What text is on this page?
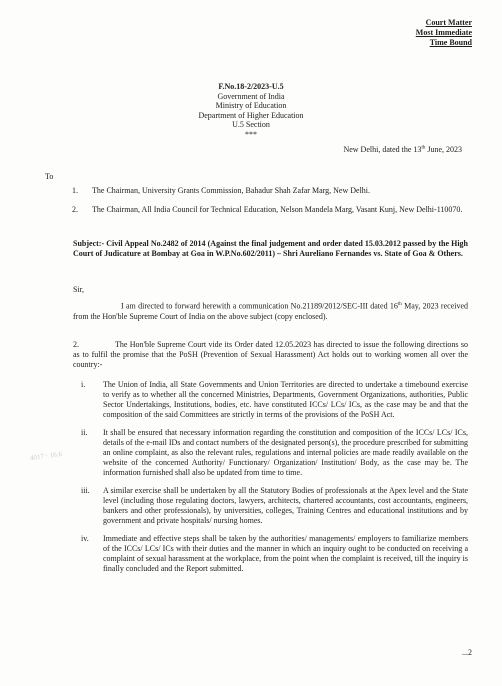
Court Matter
Most Immediate
Time Bound
F.No.18-2/2023-U.5
Government of India
Ministry of Education
Department of Higher Education
U.5 Section
***
New Delhi, dated the 13th June, 2023
To
1.	The Chairman, University Grants Commission, Bahadur Shah Zafar Marg, New Delhi.
2.	The Chairman, All India Council for Technical Education, Nelson Mandela Marg, Vasant Kunj, New Delhi-110070.
Subject:- Civil Appeal No.2482 of 2014 (Against the final judgement and order dated 15.03.2012 passed by the High Court of Judicature at Bombay at Goa in W.P.No.602/2011) – Shri Aureliano Fernandes vs. State of Goa & Others.
Sir,
I am directed to forward herewith a communication No.21189/2012/SEC-III dated 16th May, 2023 received from the Hon'ble Supreme Court of India on the above subject (copy enclosed).
2.	The Hon'ble Supreme Court vide its Order dated 12.05.2023 has directed to issue the following directions so as to fulfil the promise that the PoSH (Prevention of Sexual Harassment) Act holds out to working women all over the country:-
i.	The Union of India, all State Governments and Union Territories are directed to undertake a timebound exercise to verify as to whether all the concerned Ministries, Departments, Government Organizations, authorities, Public Sector Undertakings, Institutions, bodies, etc. have constituted ICCs/ LCs/ ICs, as the case may be and that the composition of the said Committees are strictly in terms of the provisions of the PoSH Act.
ii.	It shall be ensured that necessary information regarding the constitution and composition of the ICCs/ LCs/ ICs, details of the e-mail IDs and contact numbers of the designated person(s), the procedure prescribed for submitting an online complaint, as also the relevant rules, regulations and internal policies are made readily available on the website of the concerned Authority/ Functionary/ Organization/ Institution/ Body, as the case may be. The information furnished shall also be updated from time to time.
iii.	A similar exercise shall be undertaken by all the Statutory Bodies of professionals at the Apex level and the State level (including those regulating doctors, lawyers, architects, chartered accountants, cost accountants, engineers, bankers and other professionals), by universities, colleges, Training Centres and educational institutions and by government and private hospitals/ nursing homes.
iv.	Immediate and effective steps shall be taken by the authorities/ managements/ employers to familiarize members of the ICCs/ LCs/ ICs with their duties and the manner in which an inquiry ought to be conducted on receiving a complaint of sexual harassment at the workplace, from the point when the complaint is received, till the inquiry is finally concluded and the Report submitted.
4017 · 16.6
...2
